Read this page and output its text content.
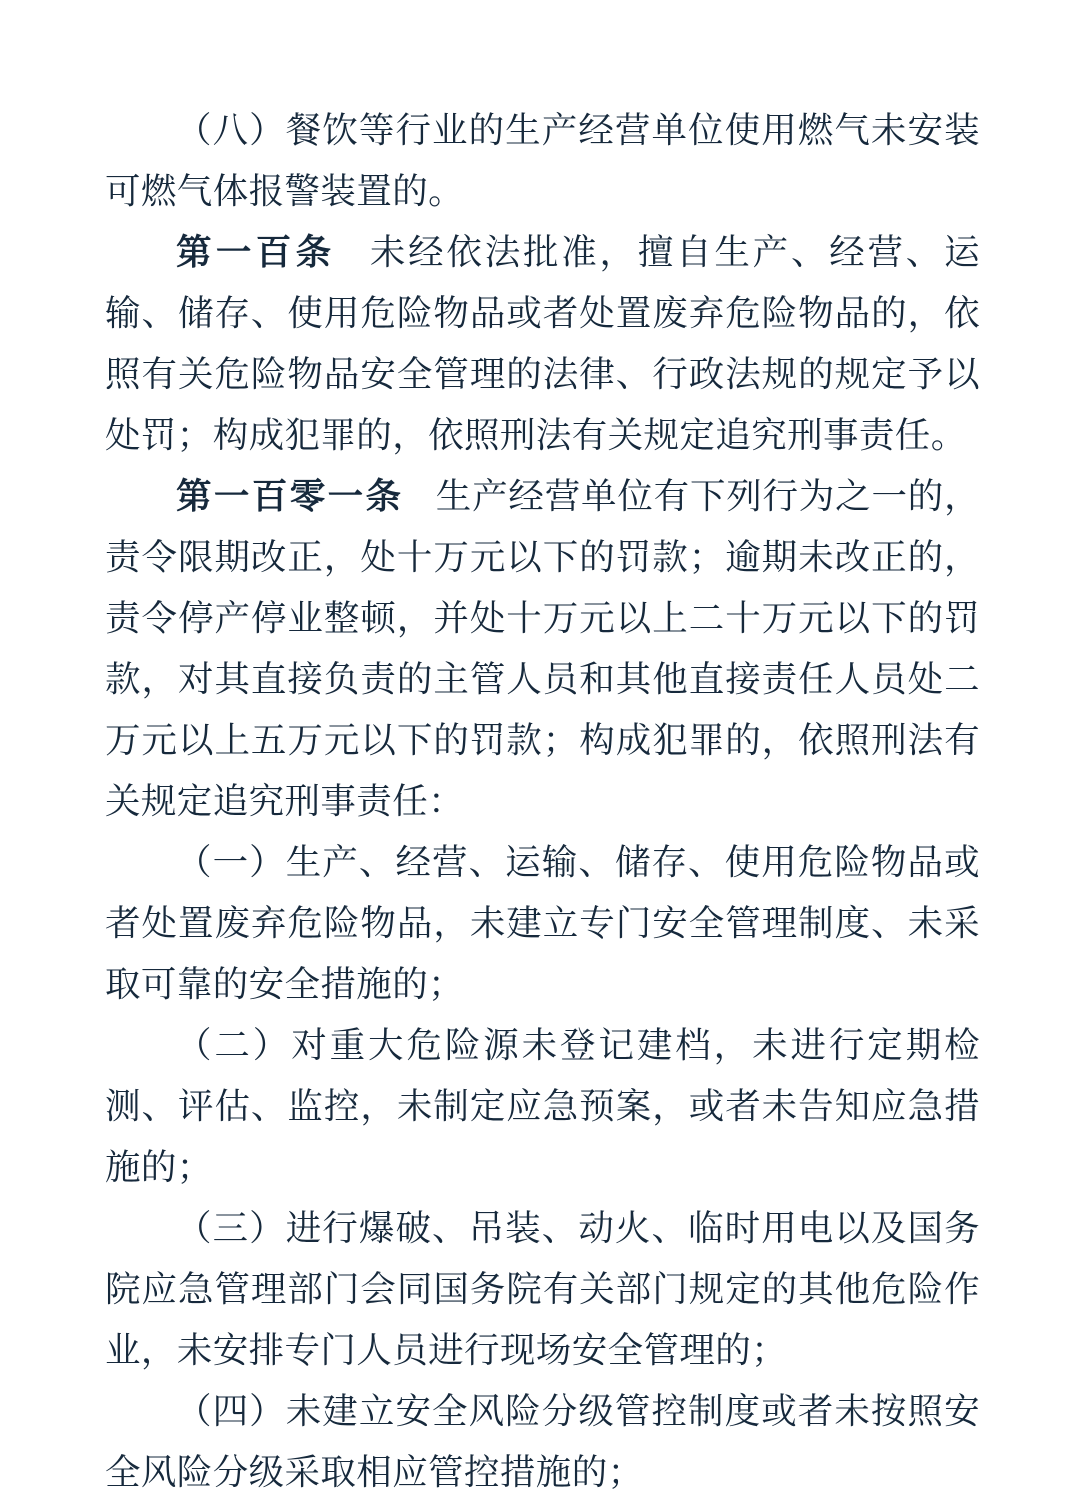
（八）餐饮等行业的生产经营单位使用燃气未安装可燃气体报警装置的。

第一百条 未经依法批准，擅自生产、经营、运输、储存、使用危险物品或者处置废弃危险物品的，依照有关危险物品安全管理的法律、行政法规的规定予以处罚；构成犯罪的，依照刑法有关规定追究刑事责任。

第一百零一条 生产经营单位有下列行为之一的，责令限期改正，处十万元以下的罚款；逾期未改正的，责令停产停业整顿，并处十万元以上二十万元以下的罚款，对其直接负责的主管人员和其他直接责任人员处二万元以上五万元以下的罚款；构成犯罪的，依照刑法有关规定追究刑事责任：

（一）生产、经营、运输、储存、使用危险物品或者处置废弃危险物品，未建立专门安全管理制度、未采取可靠的安全措施的；

（二）对重大危险源未登记建档，未进行定期检测、评估、监控，未制定应急预案，或者未告知应急措施的；

（三）进行爆破、吊装、动火、临时用电以及国务院应急管理部门会同国务院有关部门规定的其他危险作业，未安排专门人员进行现场安全管理的；

（四）未建立安全风险分级管控制度或者未按照安全风险分级采取相应管控措施的；
